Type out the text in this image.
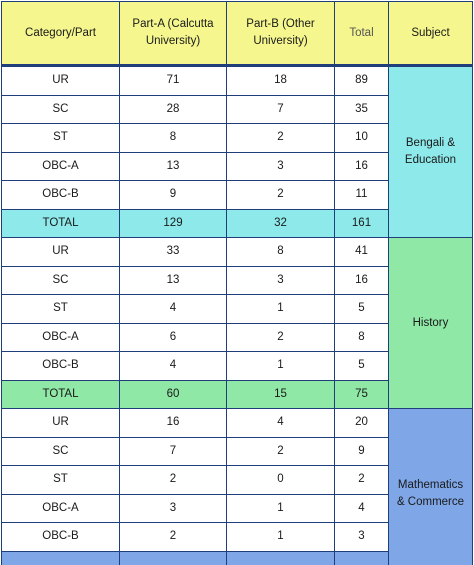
Category/Part	Part-A (Calcutta University)	Part-B (Other University)	Total	Subject
UR	71	18	89	Bengali & Education
SC	28	7	35	
ST	8	2	10	
OBC-A	13	3	16	
OBC-B	9	2	11	
TOTAL	129	32	161	
UR	33	8	41	History
SC	13	3	16	
ST	4	1	5	
OBC-A	6	2	8	
OBC-B	4	1	5	
TOTAL	60	15	75	
UR	16	4	20	Mathematics & Commerce
SC	7	2	9	
ST	2	0	2	
OBC-A	3	1	4	
OBC-B	2	1	3	
